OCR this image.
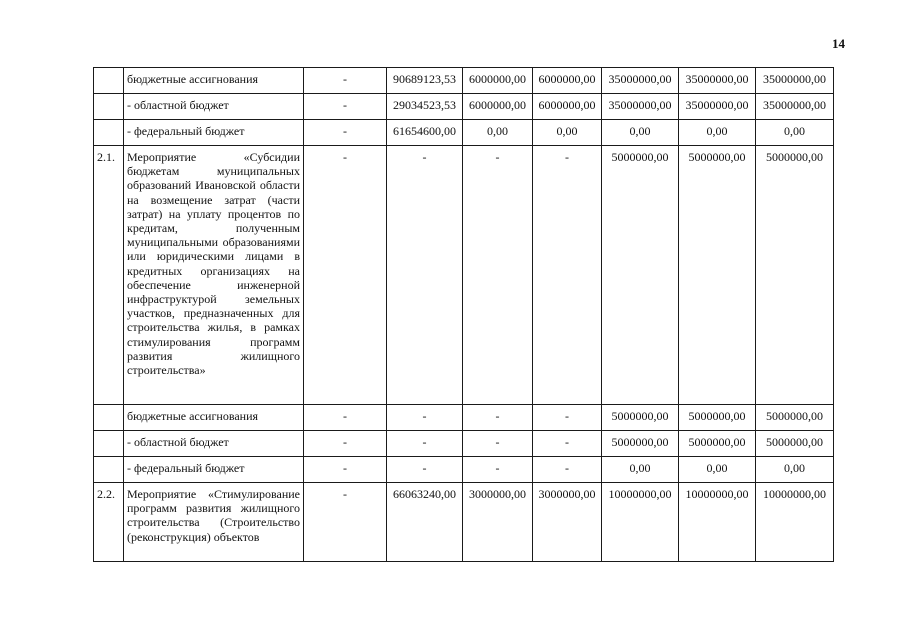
14
	бюджетные ассигнования	-	90689123,53	6000000,00	6000000,00	35000000,00	35000000,00	35000000,00
	- областной бюджет	-	29034523,53	6000000,00	6000000,00	35000000,00	35000000,00	35000000,00
	- федеральный бюджет	-	61654600,00	0,00	0,00	0,00	0,00	0,00
2.1.	Мероприятие «Субсидии бюджетам муниципальных образований Ивановской области на возмещение затрат (части затрат) на уплату процентов по кредитам, полученным муниципальными образованиями или юридическими лицами в кредитных организациях на обеспечение инженерной инфраструктурой земельных участков, предназначенных для строительства жилья, в рамках стимулирования программ развития жилищного строительства»	-	-	-	-	5000000,00	5000000,00	5000000,00
	бюджетные ассигнования	-	-	-	-	5000000,00	5000000,00	5000000,00
	- областной бюджет	-	-	-	-	5000000,00	5000000,00	5000000,00
	- федеральный бюджет	-	-	-	-	0,00	0,00	0,00
2.2.	Мероприятие «Стимулирование программ развития жилищного строительства (Строительство (реконструкция) объектов	-	66063240,00	3000000,00	3000000,00	10000000,00	10000000,00	10000000,00
